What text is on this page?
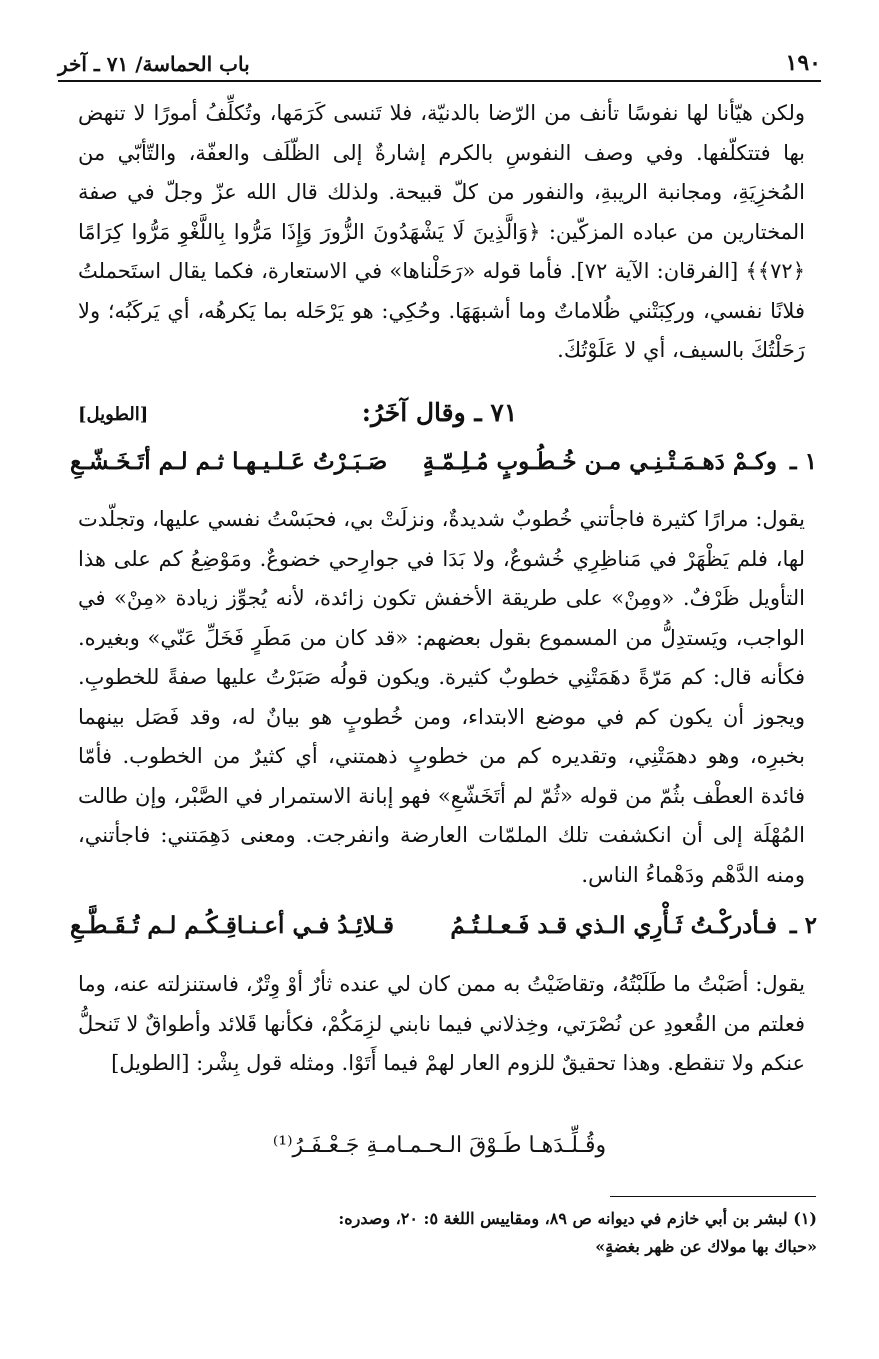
١٩٠
باب الحماسة/ ٧١ ـ آخر
ولكن هيّأنا لها نفوسًا تأنف من الرّضا بالدنيّة، فلا تَنسى كَرَمَها، وتُكلِّفُ أمورًا لا تنهض بها فتتكلّفها. وفي وصف النفوسِ بالكرم إشارةٌ إلى الظّلَف والعفّة، والتّأبّي من المُخزِيَةِ، ومجانبة الريبةِ، والنفور من كلّ قبيحة. ولذلك قال الله عزّ وجلّ في صفة المختارين من عباده المزكّين: ﴿وَالَّذِينَ لَا يَشْهَدُونَ الزُّورَ وَإِذَا مَرُّوا بِاللَّغْوِ مَرُّوا كِرَامًا ﴿٧٢﴾﴾ [الفرقان: الآية ٧٢]. فأما قوله «رَحَلْناها» في الاستعارة، فكما يقال استَحملتُ فلانًا نفسي، وركِبَتْني ظُلاماتٌ وما أشبهَهَا. وحُكِي: هو يَرْحَله بما يَكرهُه، أي يَركَبُه؛ ولا رَحَلْتُكَ بالسيف، أي لا عَلَوْتُكَ.
٧١ ـ وقال آخَرُ:
[الطويل]
١ ـ
وكـمْ دَهـمَـتْـنِـي مـن خُـطُـوبٍ مُـلِـمّـةٍ
صَـبَـرْتُ عَـلـيـهـا ثـم لـم أتَـخَـشّـعِ
يقول: مرارًا كثيرة فاجأتني خُطوبٌ شديدةٌ، ونزلَتْ بي، فحبَسْتُ نفسي عليها، وتجلّدت لها، فلم يَظْهَرْ في مَناظِرِي خُشوعٌ، ولا بَدَا في جوارِحي خضوعٌ. ومَوْضِعُ كم على هذا التأويل ظَرْفٌ. «ومِنْ» على طريقة الأخفش تكون زائدة، لأنه يُجوِّز زيادة «مِنْ» في الواجب، ويَستدِلُّ من المسموع بقول بعضهم: «قد كان من مَطَرٍ فَخَلِّ عَنّي» وبغيره. فكأنه قال: كم مَرّةً دهَمَتْنِي خطوبٌ كثيرة. ويكون قولُه صَبَرْتُ عليها صفةً للخطوبِ. ويجوز أن يكون كم في موضع الابتداء، ومن خُطوبٍ هو بيانٌ له، وقد فَصَل بينهما بخبرِه، وهو دهمَتْنِي، وتقديره كم من خطوبٍ ذهمتني، أي كثيرٌ من الخطوب. فأمّا فائدة العطْف بثُمّ من قوله «ثُمّ لم أتَخَشّعِ» فهو إبانة الاستمرار في الصَّبْر، وإن طالت المُهْلَة إلى أن انكشفت تلك الملمّات العارضة وانفرجت. ومعنى دَهِمَتني: فاجأتني، ومنه الدَّهْم ودَهْماءُ الناس.
٢ ـ
فـأدركْـتُ ثَـأْرِي الـذي قـد فَـعـلـتُـمُ
قـلائِـدُ فـي أعـنـاقِـكُـم لـم تُـقَـطَّـعِ
يقول: أصَبْتُ ما طَلَبْتُهُ، وتقاضَيْتُ به ممن كان لي عنده ثأرٌ أوْ وِتْرٌ، فاستنزلته عنه، وما فعلتم من القُعودِ عن نُصْرَتي، وخِذلاني فيما نابني لزِمَكُمْ، فكأنها قَلائد وأطواقٌ لا تَنحلُّ عنكم ولا تنقطع. وهذا تحقيقٌ للزوم العار لهمْ فيما أَتَوْا. ومثله قول بِشْر: [الطويل]
وقُـلِّـدَهـا طَـوْقَ الـحـمـامـةِ جَـعْـفَـرُ⁽¹⁾
(١) لبشر بن أبي خازم في ديوانه ص ٨٩، ومقاييس اللغة ٥: ٢٠، وصدره:
«حباك بها مولاك عن ظهر بغضةٍ»
